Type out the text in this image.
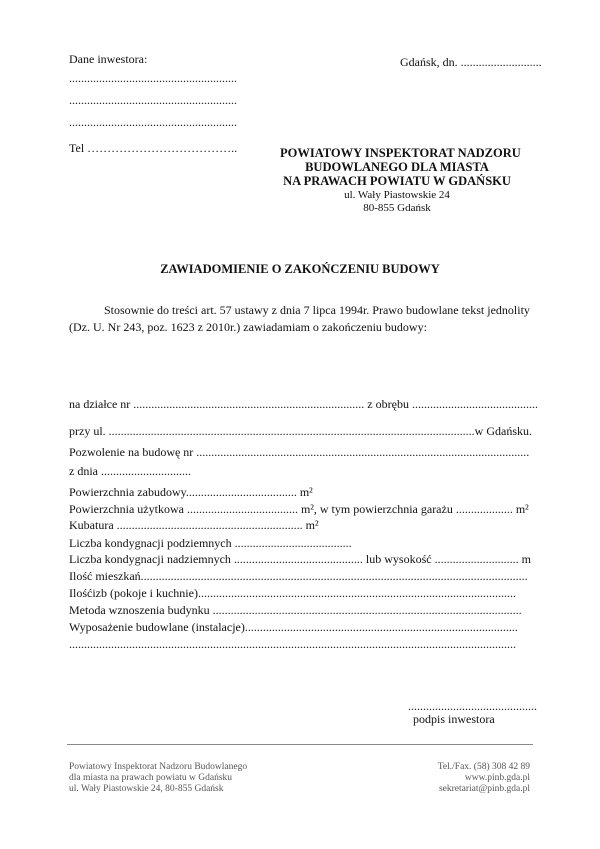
Dane inwestora:
........................................................
........................................................
........................................................
Tel ………………………………..
Gdańsk, dn. ...........................
POWIATOWY INSPEKTORAT NADZORU
BUDOWLANEGO DLA MIASTA
NA PRAWACH POWIATU W GDAŃSKU
ul. Wały Piastowskie 24
80-855 Gdańsk
ZAWIADOMIENIE O ZAKOŃCZENIU BUDOWY
Stosownie do treści art. 57 ustawy z dnia 7 lipca 1994r. Prawo budowlane tekst jednolity
(Dz. U. Nr 243, poz. 1623 z 2010r.) zawiadamiam o zakończeniu budowy:
na działce nr ............................................................................. z obrębu ..........................................
przy ul. ..........................................................................................................................w Gdańsku.
Pozwolenie na budowę nr ...............................................................................................................
z dnia ..............................
Powierzchnia zabudowy..................................... m²
Powierzchnia użytkowa ..................................... m², w tym powierzchnia garażu ................... m²
Kubatura .............................................................. m²
Liczba kondygnacji podziemnych .......................................
Liczba kondygnacji nadziemnych ........................................... lub wysokość ............................ m
Ilość mieszkań.................................................................................................................................
Ilośćizb (pokoje i kuchnie)..........................................................................................................
Metoda wznoszenia budynku .......................................................................................................
Wyposażenie budowlane (instalacje)...........................................................................................
.....................................................................................................................................................
...........................................
podpis inwestora
Powiatowy Inspektorat Nadzoru Budowlanego
dla miasta na prawach powiatu w Gdańsku
ul. Wały Piastowskie 24, 80-855 Gdańsk
Tel./Fax. (58) 308 42 89
www.pinb.gda.pl
sekretariat@pinb.gda.pl
